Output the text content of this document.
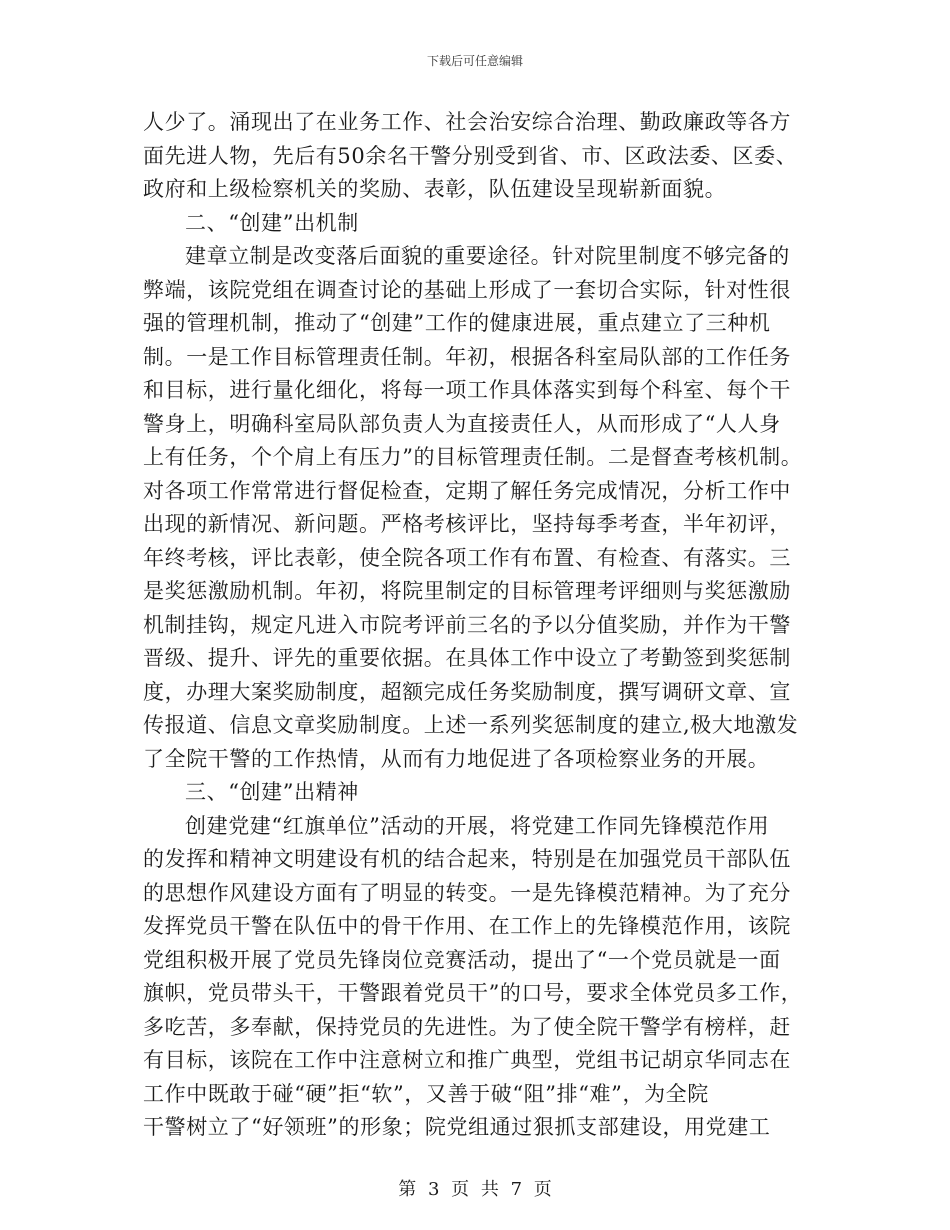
下载后可任意编辑
人少了。涌现出了在业务工作、社会治安综合治理、勤政廉政等各方
面先进人物，先后有50余名干警分别受到省、市、区政法委、区委、
政府和上级检察机关的奖励、表彰，队伍建设呈现崭新面貌。
二、“创建”出机制
建章立制是改变落后面貌的重要途径。针对院里制度不够完备的
弊端，该院党组在调查讨论的基础上形成了一套切合实际，针对性很
强的管理机制，推动了“创建”工作的健康进展，重点建立了三种机
制。一是工作目标管理责任制。年初，根据各科室局队部的工作任务
和目标，进行量化细化，将每一项工作具体落实到每个科室、每个干
警身上，明确科室局队部负责人为直接责任人，从而形成了“人人身
上有任务，个个肩上有压力”的目标管理责任制。二是督查考核机制。
对各项工作常常进行督促检查，定期了解任务完成情况，分析工作中
出现的新情况、新问题。严格考核评比，坚持每季考查，半年初评，
年终考核，评比表彰，使全院各项工作有布置、有检查、有落实。三
是奖惩激励机制。年初，将院里制定的目标管理考评细则与奖惩激励
机制挂钩，规定凡进入市院考评前三名的予以分值奖励，并作为干警
晋级、提升、评先的重要依据。在具体工作中设立了考勤签到奖惩制
度，办理大案奖励制度，超额完成任务奖励制度，撰写调研文章、宣
传报道、信息文章奖励制度。上述一系列奖惩制度的建立,极大地激发
了全院干警的工作热情，从而有力地促进了各项检察业务的开展。
三、“创建”出精神
创建党建“红旗单位”活动的开展，将党建工作同先锋模范作用
的发挥和精神文明建设有机的结合起来，特别是在加强党员干部队伍
的思想作风建设方面有了明显的转变。一是先锋模范精神。为了充分
发挥党员干警在队伍中的骨干作用、在工作上的先锋模范作用，该院
党组积极开展了党员先锋岗位竞赛活动，提出了“一个党员就是一面
旗帜，党员带头干，干警跟着党员干”的口号，要求全体党员多工作，
多吃苦，多奉献，保持党员的先进性。为了使全院干警学有榜样，赶
有目标，该院在工作中注意树立和推广典型，党组书记胡京华同志在
工作中既敢于碰“硬”拒“软”，又善于破“阻”排“难”，为全院
干警树立了“好领班”的形象；院党组通过狠抓支部建设，用党建工
第 3 页 共 7 页
